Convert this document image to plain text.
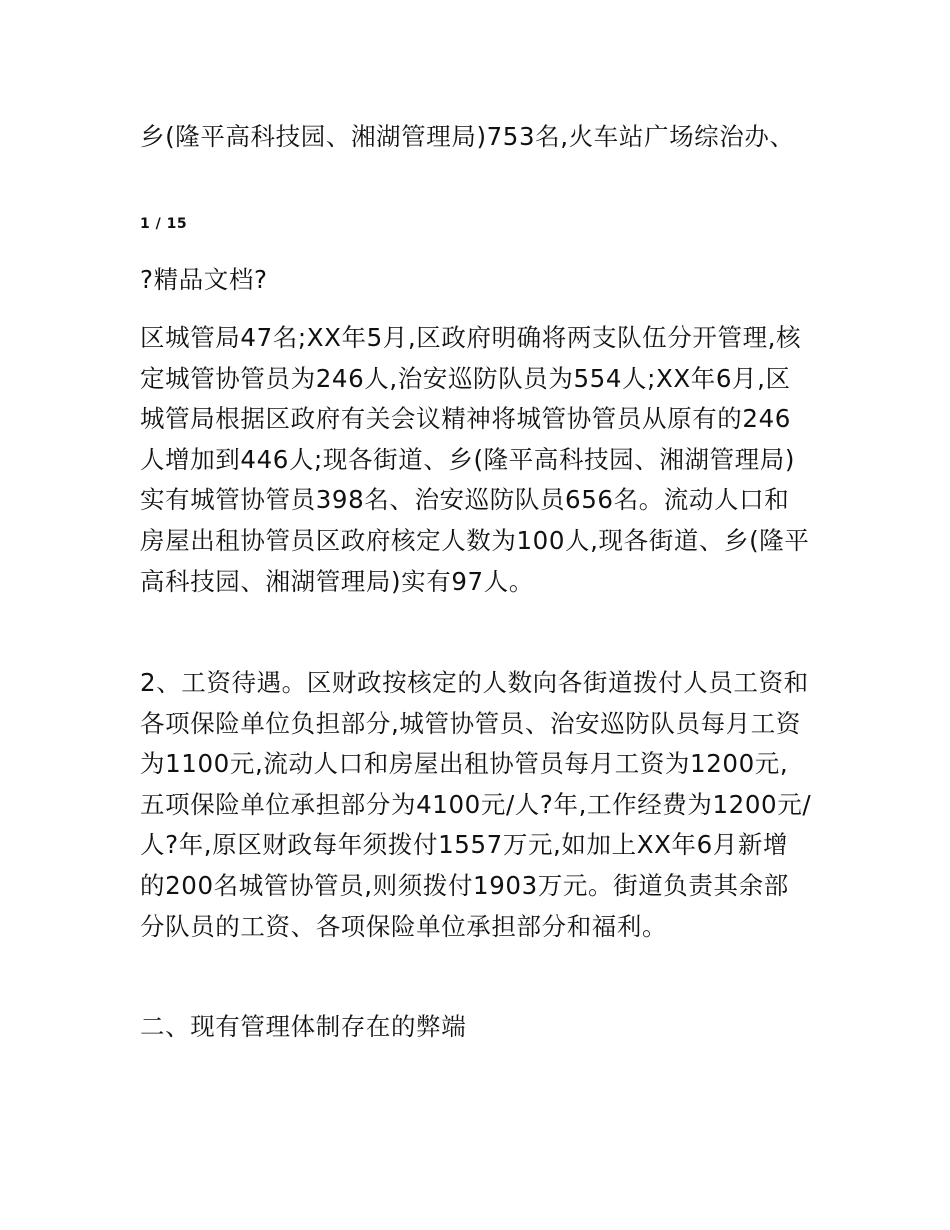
乡(隆平高科技园、湘湖管理局)753名,火车站广场综治办、

1 / 15

?精品文档?

区城管局47名;XX年5月,区政府明确将两支队伍分开管理,核定城管协管员为246人,治安巡防队员为554人;XX年6月,区城管局根据区政府有关会议精神将城管协管员从原有的246人增加到446人;现各街道、乡(隆平高科技园、湘湖管理局)实有城管协管员398名、治安巡防队员656名。流动人口和房屋出租协管员区政府核定人数为100人,现各街道、乡(隆平高科技园、湘湖管理局)实有97人。

2、工资待遇。区财政按核定的人数向各街道拨付人员工资和各项保险单位负担部分,城管协管员、治安巡防队员每月工资为1100元,流动人口和房屋出租协管员每月工资为1200元,五项保险单位承担部分为4100元/人?年,工作经费为1200元/人?年,原区财政每年须拨付1557万元,如加上XX年6月新增的200名城管协管员,则须拨付1903万元。街道负责其余部分队员的工资、各项保险单位承担部分和福利。

二、现有管理体制存在的弊端
